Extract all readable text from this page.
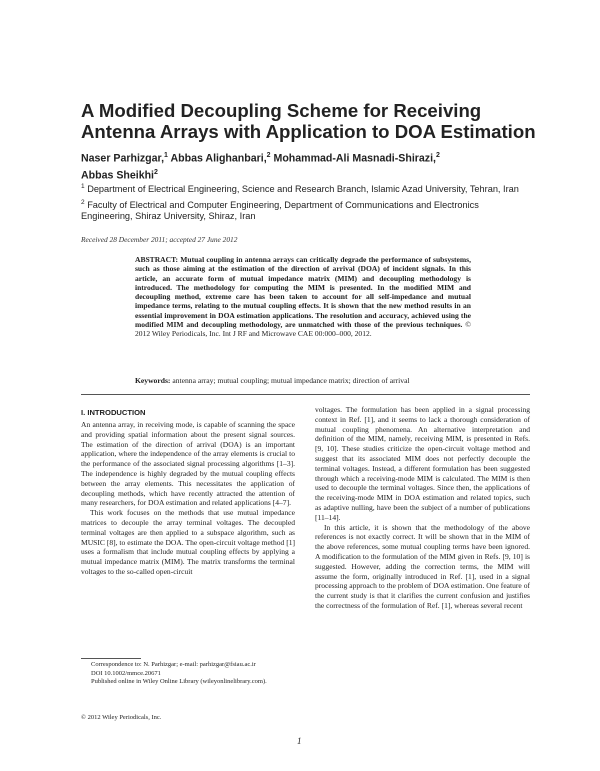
A Modified Decoupling Scheme for Receiving
Antenna Arrays with Application to DOA Estimation
Naser Parhizgar,$^1$ Abbas Alighanbari,$^2$ Mohammad-Ali Masnadi-Shirazi,$^2$
Abbas Sheikhi$^2$
$^1$ Department of Electrical Engineering, Science and Research Branch, Islamic Azad University, Tehran, Iran
$^2$ Faculty of Electrical and Computer Engineering, Department of Communications and Electronics Engineering, Shiraz University, Shiraz, Iran
Received 28 December 2011; accepted 27 June 2012
ABSTRACT: Mutual coupling in antenna arrays can critically degrade the performance of subsystems, such as those aiming at the estimation of the direction of arrival (DOA) of incident signals. In this article, an accurate form of mutual impedance matrix (MIM) and decoupling methodology is introduced. The methodology for computing the MIM is presented. In the modified MIM and decoupling method, extreme care has been taken to account for all self-impedance and mutual impedance terms, relating to the mutual coupling effects. It is shown that the new method results in an essential improvement in DOA estimation applications. The resolution and accuracy, achieved using the modified MIM and decoupling methodology, are unmatched with those of the previous techniques. © 2012 Wiley Periodicals, Inc. Int J RF and Microwave CAE 00:000–000, 2012.
Keywords: antenna array; mutual coupling; mutual impedance matrix; direction of arrival
I. INTRODUCTION

An antenna array, in receiving mode, is capable of scanning the space and providing spatial information about the present signal sources. The estimation of the direction of arrival (DOA) is an important application, where the independence of the array elements is crucial to the performance of the associated signal processing algorithms [1–3]. The independence is highly degraded by the mutual coupling effects between the array elements. This necessitates the application of decoupling methods, which have recently attracted the attention of many researchers, for DOA estimation and related applications [4–7].

This work focuses on the methods that use mutual impedance matrices to decouple the array terminal voltages. The decoupled terminal voltages are then applied to a subspace algorithm, such as MUSIC [8], to estimate the DOA. The open-circuit voltage method [1] uses a formalism that include mutual coupling effects by applying a mutual impedance matrix (MIM). The matrix transforms the terminal voltages to the so-called open-circuit

voltages. The formulation has been applied in a signal processing context in Ref. [1], and it seems to lack a thorough consideration of mutual coupling phenomena. An alternative interpretation and definition of the MIM, namely, receiving MIM, is presented in Refs. [9, 10]. These studies criticize the open-circuit voltage method and suggest that its associated MIM does not perfectly decouple the terminal voltages. Instead, a different formulation has been suggested through which a receiving-mode MIM is calculated. The MIM is then used to decouple the terminal voltages. Since then, the applications of the receiving-mode MIM in DOA estimation and related topics, such as adaptive nulling, have been the subject of a number of publications [11–14].

In this article, it is shown that the methodology of the above references is not exactly correct. It will be shown that in the MIM of the above references, some mutual coupling terms have been ignored. A modification to the formulation of the MIM given in Refs. [9, 10] is suggested. However, adding the correction terms, the MIM will assume the form, originally introduced in Ref. [1], used in a signal processing approach to the problem of DOA estimation. One feature of the current study is that it clarifies the current confusion and justifies the correctness of the formulation of Ref. [1], whereas several recent

Correspondence to: N. Parhizgar; e-mail: parhizgar@fsiau.ac.ir
DOI 10.1002/mmce.20671
Published online in Wiley Online Library (wileyonlinelibrary.com).
© 2012 Wiley Periodicals, Inc.
1
